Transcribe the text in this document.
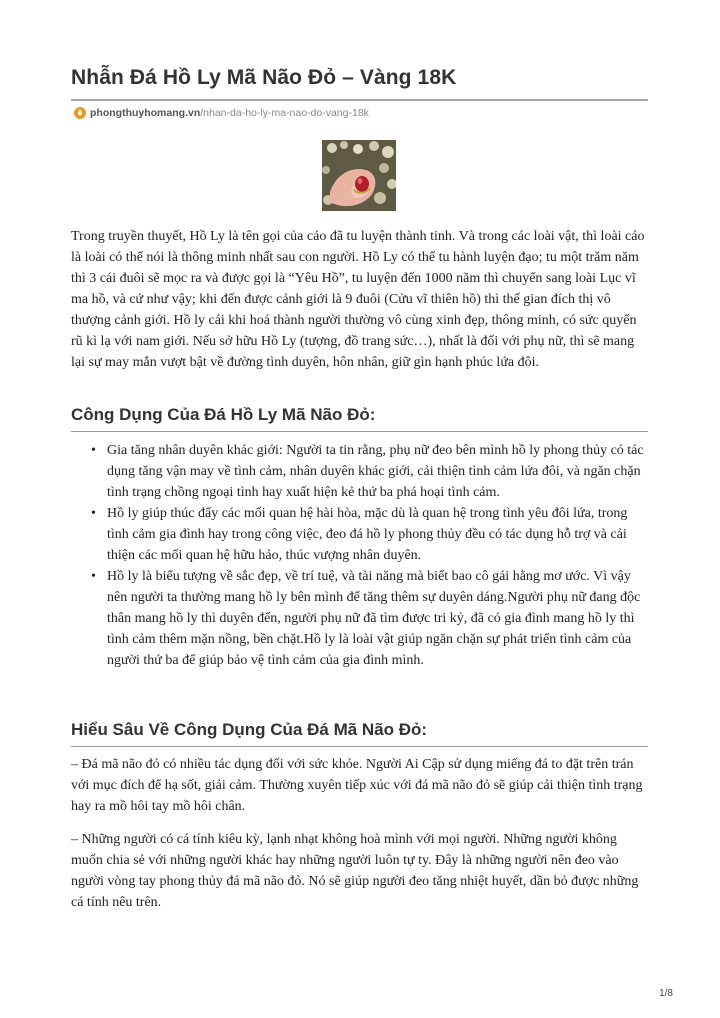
Nhẫn Đá Hồ Ly Mã Não Đỏ – Vàng 18K
phongthuyhomang.vn /nhan-da-ho-ly-ma-nao-do-vang-18k

Trong truyền thuyết, Hồ Ly là tên gọi của cáo đã tu luyện thành tinh. Và trong các loài vật, thì loài cáo là loài có thể nói là thông minh nhất sau con người. Hồ Ly có thể tu hành luyện đạo; tu một trăm năm thì 3 cái đuôi sẽ mọc ra và được gọi là “Yêu Hồ”, tu luyện đến 1000 năm thì chuyển sang loài Lục vĩ ma hồ, và cứ như vậy; khi đến được cảnh giới là 9 đuôi (Cửu vĩ thiên hồ) thì thế gian đích thị vô thượng cảnh giới. Hồ ly cái khi hoá thành người thường vô cùng xinh đẹp, thông minh, có sức quyến rũ kì lạ với nam giới. Nếu sở hữu Hồ Ly (tượng, đồ trang sức…), nhất là đối với phụ nữ, thì sẽ mang lại sự may mắn vượt bật về đường tình duyên, hôn nhân, giữ gìn hạnh phúc lứa đôi.

Công Dụng Của Đá Hồ Ly Mã Não Đỏ:
• Gia tăng nhân duyên khác giới: Người ta tin rằng, phụ nữ đeo bên mình hồ ly phong thủy có tác dụng tăng vận may về tình cảm, nhân duyên khác giới, cải thiện tình cảm lứa đôi, và ngăn chặn tình trạng chồng ngoại tình hay xuất hiện kẻ thứ ba phá hoại tình cảm.
• Hồ ly giúp thúc đẩy các mối quan hệ hài hòa, mặc dù là quan hệ trong tình yêu đôi lứa, trong tình cảm gia đình hay trong công việc, đeo đá hồ ly phong thủy đều có tác dụng hỗ trợ và cải thiện các mối quan hệ hữu hảo, thúc vượng nhân duyên.
• Hồ ly là biểu tượng về sắc đẹp, về trí tuệ, và tài năng mà biết bao cô gái hằng mơ ước. Vì vậy nên người ta thường mang hồ ly bên mình để tăng thêm sự duyên dáng.Người phụ nữ đang độc thân mang hồ ly thì duyên đến, người phụ nữ đã tìm được tri kỷ, đã có gia đình mang hồ ly thì tình cảm thêm mặn nồng, bền chặt.Hồ ly là loài vật giúp ngăn chặn sự phát triển tình cảm của người thứ ba để giúp bảo vệ tình cảm của gia đình mình.
Hiểu Sâu Về Công Dụng Của Đá Mã Não Đỏ:

– Đá mã não đỏ có nhiều tác dụng đối với sức khỏe. Người Ai Cập sử dụng miếng đá to đặt trên trán với mục đích để hạ sốt, giải cảm. Thường xuyên tiếp xúc với đá mã não đỏ sẽ giúp cải thiện tình trạng hay ra mồ hôi tay mồ hôi chân.

– Những người có cá tính kiêu kỳ, lạnh nhạt không hoà mình với mọi người. Những người không muốn chia sẻ với những người khác hay những người luôn tự ty. Đây là những người nên đeo vào người vòng tay phong thủy đá mã não đỏ. Nó sẽ giúp người đeo tăng nhiệt huyết, dần bỏ được những cá tính nêu trên.

1/8
